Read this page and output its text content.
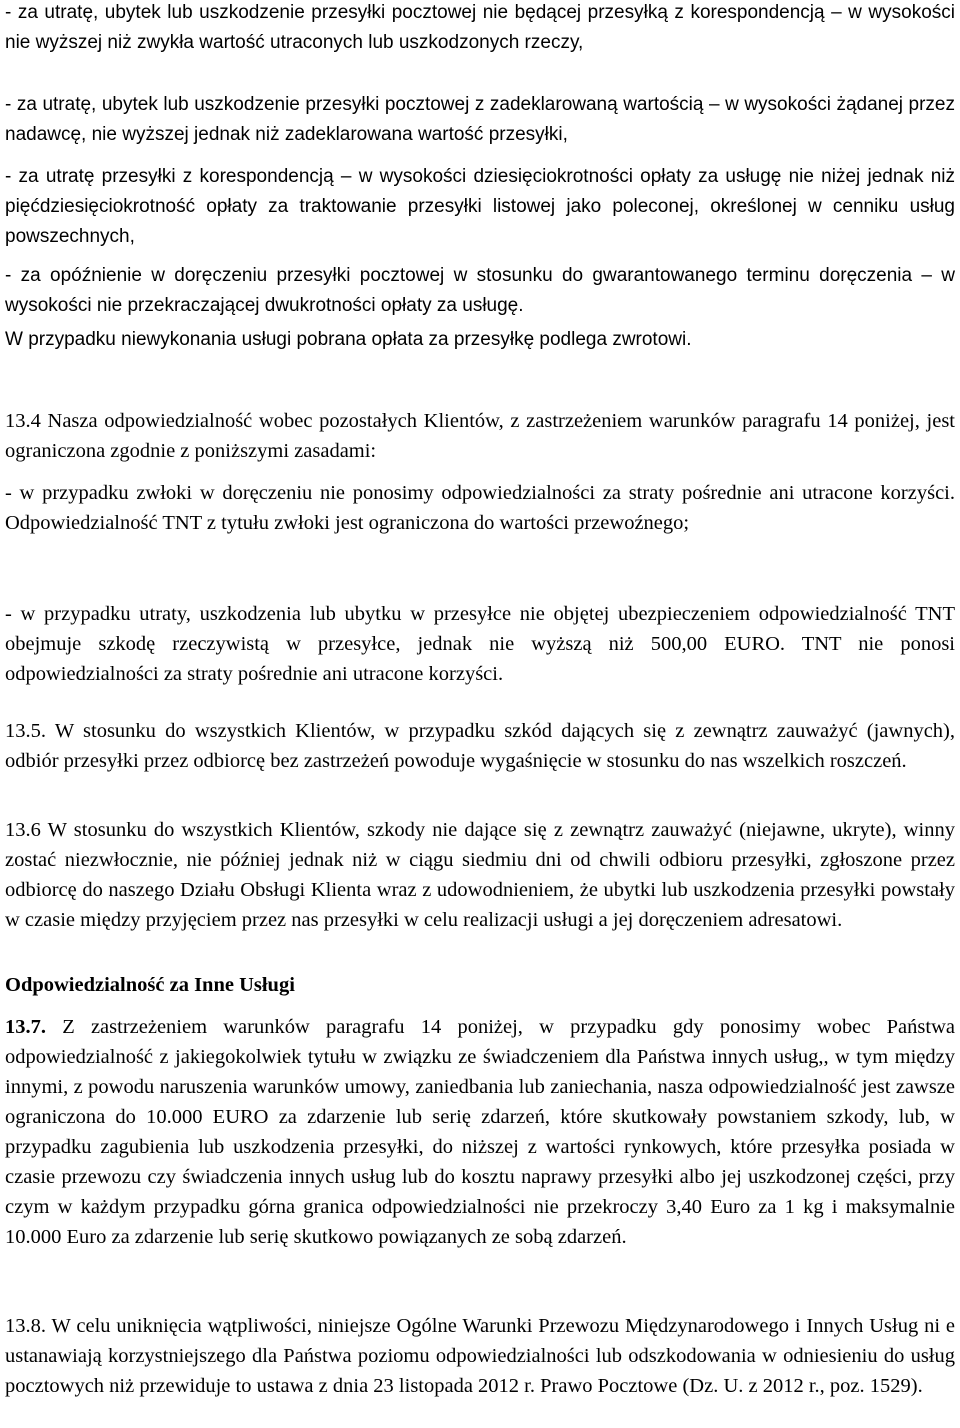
- za utratę, ubytek lub uszkodzenie przesyłki pocztowej nie będącej przesyłką z korespondencją – w wysokości nie wyższej niż zwykła wartość utraconych lub uszkodzonych rzeczy,

- za utratę, ubytek lub uszkodzenie przesyłki pocztowej z zadeklarowaną wartością – w wysokości żądanej przez nadawcę, nie wyższej jednak niż zadeklarowana wartość przesyłki,

- za utratę przesyłki z korespondencją – w wysokości dziesięciokrotności opłaty za usługę nie niżej jednak niż pięćdziesięciokrotność opłaty za traktowanie przesyłki listowej jako poleconej, określonej w cenniku usług powszechnych,

- za opóźnienie w doręczeniu przesyłki pocztowej w stosunku do gwarantowanego terminu doręczenia – w wysokości nie przekraczającej dwukrotności opłaty za usługę.

W przypadku niewykonania usługi pobrana opłata za przesyłkę podlega zwrotowi.

13.4 Nasza odpowiedzialność wobec pozostałych Klientów, z zastrzeżeniem warunków paragrafu 14 poniżej, jest ograniczona zgodnie z poniższymi zasadami:

- w przypadku zwłoki w doręczeniu nie ponosimy odpowiedzialności za straty pośrednie ani utracone korzyści. Odpowiedzialność TNT z tytułu zwłoki jest ograniczona do wartości przewoźnego;

- w przypadku utraty, uszkodzenia lub ubytku w przesyłce nie objętej ubezpieczeniem odpowiedzialność TNT obejmuje szkodę rzeczywistą w przesyłce, jednak nie wyższą niż 500,00 EURO. TNT nie ponosi odpowiedzialności za straty pośrednie ani utracone korzyści.

13.5. W stosunku do wszystkich Klientów, w przypadku szkód dających się z zewnątrz zauważyć (jawnych), odbiór przesyłki przez odbiorcę bez zastrzeżeń powoduje wygaśnięcie w stosunku do nas wszelkich roszczeń.

13.6 W stosunku do wszystkich Klientów, szkody nie dające się z zewnątrz zauważyć (niejawne, ukryte), winny zostać niezwłocznie, nie później jednak niż w ciągu siedmiu dni od chwili odbioru przesyłki, zgłoszone przez odbiorcę do naszego Działu Obsługi Klienta wraz z udowodnieniem, że ubytki lub uszkodzenia przesyłki powstały w czasie między przyjęciem przez nas przesyłki w celu realizacji usługi a jej doręczeniem adresatowi.

Odpowiedzialność za Inne Usługi

13.7. Z zastrzeżeniem warunków paragrafu 14 poniżej, w przypadku gdy ponosimy wobec Państwa odpowiedzialność z jakiegokolwiek tytułu w związku ze świadczeniem dla Państwa innych usług,, w tym między innymi, z powodu naruszenia warunków umowy, zaniedbania lub zaniechania, nasza odpowiedzialność jest zawsze ograniczona do 10.000 EURO za zdarzenie lub serię zdarzeń, które skutkowały powstaniem szkody, lub, w przypadku zagubienia lub uszkodzenia przesyłki, do niższej z wartości rynkowych, które przesyłka posiada w czasie przewozu czy świadczenia innych usług lub do kosztu naprawy przesyłki albo jej uszkodzonej części, przy czym w każdym przypadku górna granica odpowiedzialności nie przekroczy 3,40 Euro za 1 kg i maksymalnie 10.000 Euro za zdarzenie lub serię skutkowo powiązanych ze sobą zdarzeń.

13.8. W celu uniknięcia wątpliwości, niniejsze Ogólne Warunki Przewozu Międzynarodowego i Innych Usług ni e ustanawiają korzystniejszego dla Państwa poziomu odpowiedzialności lub odszkodowania w odniesieniu do usług pocztowych niż przewiduje to ustawa z dnia 23 listopada 2012 r. Prawo Pocztowe (Dz. U. z 2012 r., poz. 1529).
